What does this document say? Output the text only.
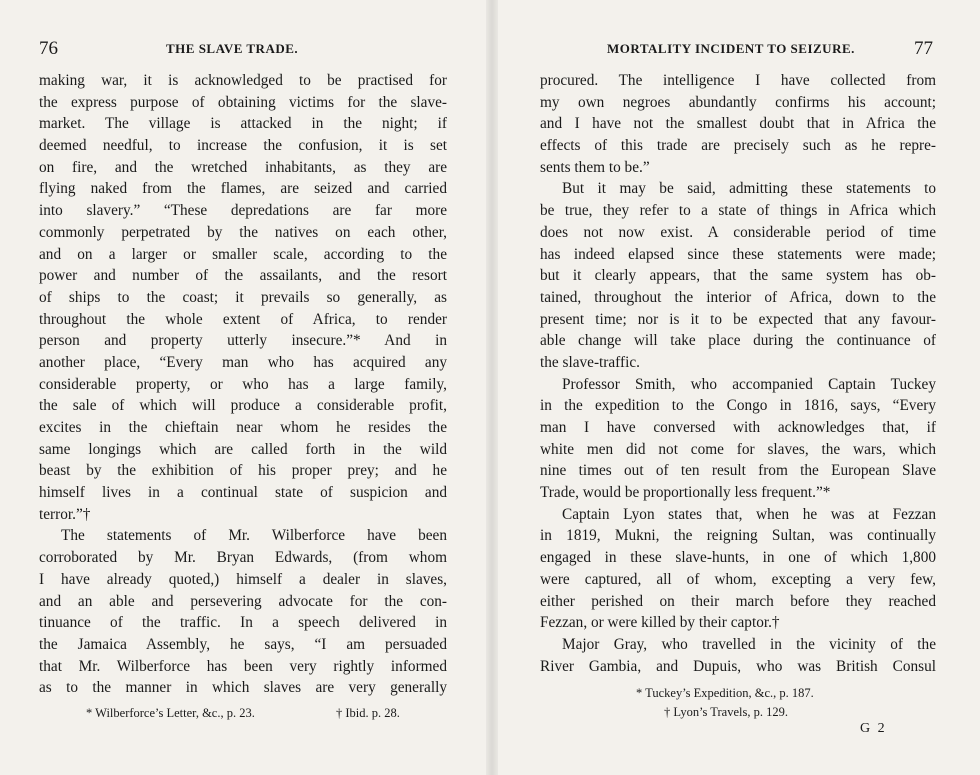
76	THE SLAVE TRADE.
making war, it is acknowledged to be practised for
the express purpose of obtaining victims for the slave-
market. The village is attacked in the night; if
deemed needful, to increase the confusion, it is set
on fire, and the wretched inhabitants, as they are
flying naked from the flames, are seized and carried
into slavery.” “These depredations are far more
commonly perpetrated by the natives on each other,
and on a larger or smaller scale, according to the
power and number of the assailants, and the resort
of ships to the coast; it prevails so generally, as
throughout the whole extent of Africa, to render
person and property utterly insecure.”* And in
another place, “Every man who has acquired any
considerable property, or who has a large family,
the sale of which will produce a considerable profit,
excites in the chieftain near whom he resides the
same longings which are called forth in the wild
beast by the exhibition of his proper prey; and he
himself lives in a continual state of suspicion and
terror.”†
The statements of Mr. Wilberforce have been
corroborated by Mr. Bryan Edwards, (from whom
I have already quoted,) himself a dealer in slaves,
and an able and persevering advocate for the con-
tinuance of the traffic. In a speech delivered in
the Jamaica Assembly, he says, “I am persuaded
that Mr. Wilberforce has been very rightly informed
as to the manner in which slaves are very generally
* Wilberforce’s Letter, &c., p. 23.	† Ibid. p. 28.
MORTALITY INCIDENT TO SEIZURE.	77
procured. The intelligence I have collected from
my own negroes abundantly confirms his account;
and I have not the smallest doubt that in Africa the
effects of this trade are precisely such as he repre-
sents them to be.”
But it may be said, admitting these statements to
be true, they refer to a state of things in Africa which
does not now exist. A considerable period of time
has indeed elapsed since these statements were made;
but it clearly appears, that the same system has ob-
tained, throughout the interior of Africa, down to the
present time; nor is it to be expected that any favour-
able change will take place during the continuance of
the slave-traffic.
Professor Smith, who accompanied Captain Tuckey
in the expedition to the Congo in 1816, says, “Every
man I have conversed with acknowledges that, if
white men did not come for slaves, the wars, which
nine times out of ten result from the European Slave
Trade, would be proportionally less frequent.”*
Captain Lyon states that, when he was at Fezzan
in 1819, Mukni, the reigning Sultan, was continually
engaged in these slave-hunts, in one of which 1,800
were captured, all of whom, excepting a very few,
either perished on their march before they reached
Fezzan, or were killed by their captor.†
Major Gray, who travelled in the vicinity of the
River Gambia, and Dupuis, who was British Consul
* Tuckey’s Expedition, &c., p. 187.
† Lyon’s Travels, p. 129.
G 2
